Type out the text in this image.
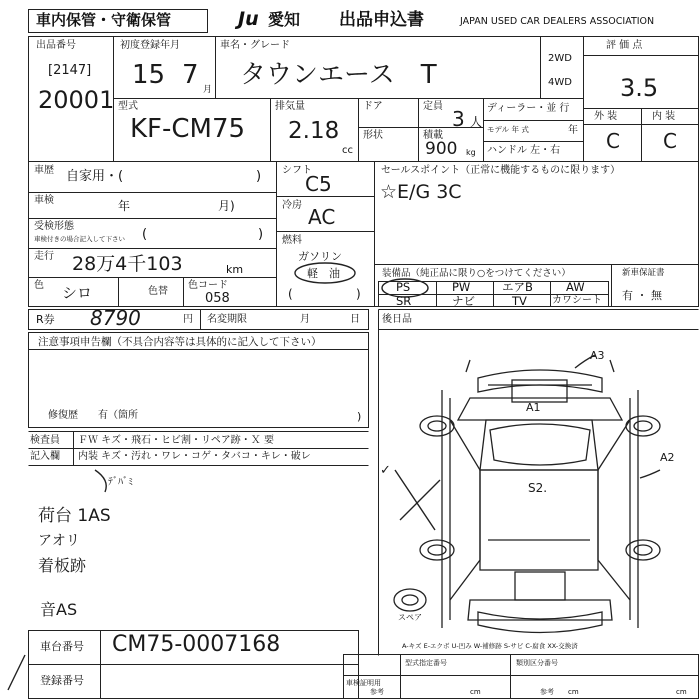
車内保管・守衛保管	Ju 愛知 出品申込書	JAPAN USED CAR DEALERS ASSOCIATION
出品番号
[2147]
20001
初度登録年月
15 7 月
車名・グレード
タウンエース　T
2WD
4WD
評 価 点
3.5
外 装	内 装
C C
型式
KF-CM75
排気量
2.18
cc
ドア
形状
定員
3 人
積載
900 kg
ディーラー・並 行
モデル 年 式	年
ハンドル 左・右
車歴 自家用・(	)
車検	年	月)
受検形態
車検付きの場合記入して下さい (	)
走行 28万4千103	km
色 シロ	色替
色コード
058
シフト
C5
冷房 AC
燃料
ガソリン
軽　油
(	)
セールスポイント（正常に機能するものに限ります）
☆E/G 3C
装備品（純正品に限り○をつけてください）
PS	PW	エアB	AW
SR	ナビ	TV	カワシート
新車保証書
有 ・ 無
R券 8790	円 名変期限	月	日 後日品
注意事項申告欄（不具合内容等は具体的に記入して下さい）
修復歴　　有（箇所	)
検査員
記入欄
ＦＷ キズ・飛石・ヒビ割・リペア跡・Ｘ 要
内装 キズ・汚れ・ワレ・コゲ・タバコ・キレ・破レ
ﾃﾞﾊﾞﾐ
荷台 1AS
アオリ
着板跡
音AS
A3
A1
A2
S2.
✓
スペア
A-キズ E-エクボ U-凹み W-補修跡 S-サビ C-腐食 XX-交換済
車台番号 CM75-0007168
登録番号
型式指定番号	類別区分番号
車検証明用
参考	参考
cm	cm	cm
